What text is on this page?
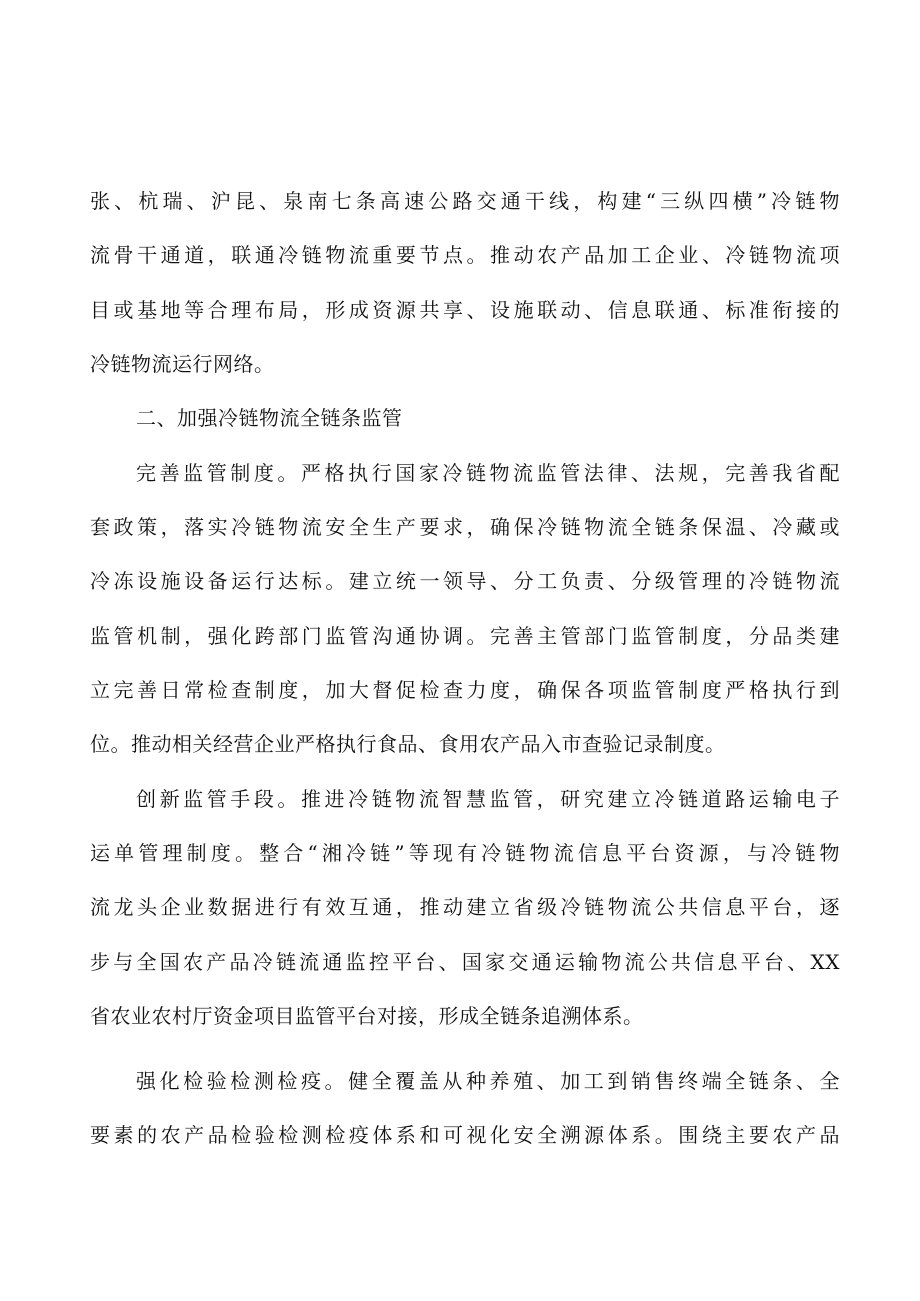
张、杭瑞、沪昆、泉南七条高速公路交通干线，构建“三纵四横”冷链物
流骨干通道，联通冷链物流重要节点。推动农产品加工企业、冷链物流项
目或基地等合理布局，形成资源共享、设施联动、信息联通、标准衔接的
冷链物流运行网络。
二、加强冷链物流全链条监管
完善监管制度。严格执行国家冷链物流监管法律、法规，完善我省配
套政策，落实冷链物流安全生产要求，确保冷链物流全链条保温、冷藏或
冷冻设施设备运行达标。建立统一领导、分工负责、分级管理的冷链物流
监管机制，强化跨部门监管沟通协调。完善主管部门监管制度，分品类建
立完善日常检查制度，加大督促检查力度，确保各项监管制度严格执行到
位。推动相关经营企业严格执行食品、食用农产品入市查验记录制度。
创新监管手段。推进冷链物流智慧监管，研究建立冷链道路运输电子
运单管理制度。整合“湘冷链”等现有冷链物流信息平台资源，与冷链物
流龙头企业数据进行有效互通，推动建立省级冷链物流公共信息平台，逐
步与全国农产品冷链流通监控平台、国家交通运输物流公共信息平台、XX
省农业农村厅资金项目监管平台对接，形成全链条追溯体系。
强化检验检测检疫。健全覆盖从种养殖、加工到销售终端全链条、全
要素的农产品检验检测检疫体系和可视化安全溯源体系。围绕主要农产品
